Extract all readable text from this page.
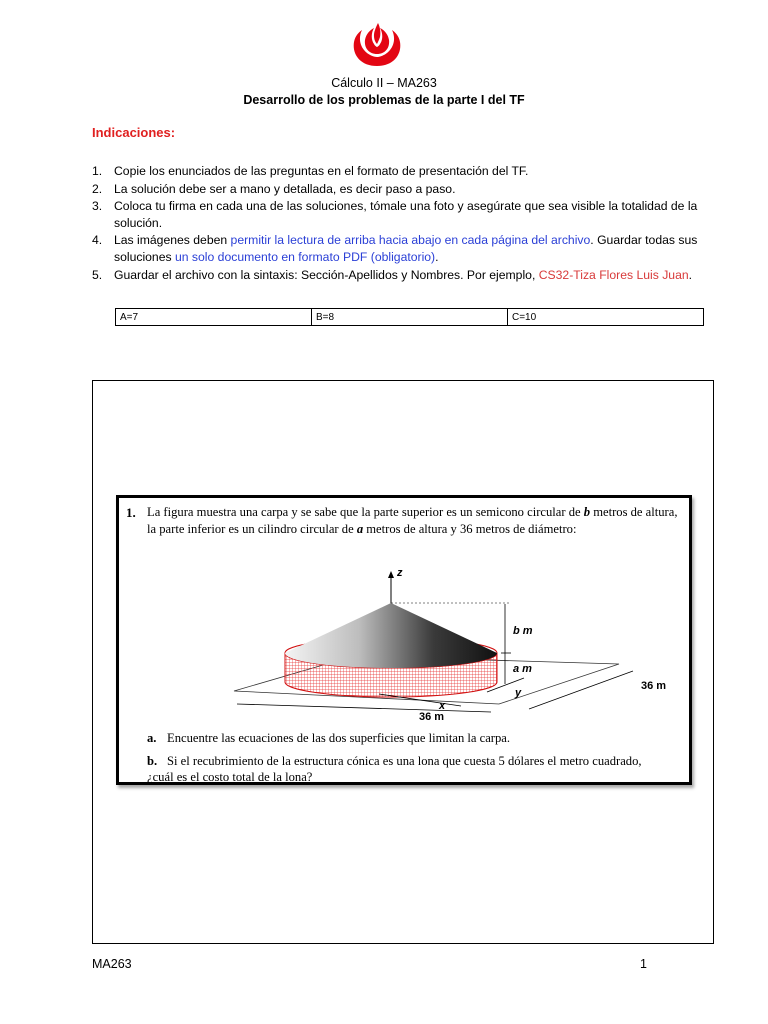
Cálculo II – MA263
Desarrollo de los problemas de la parte I del TF
Indicaciones:
1. Copie los enunciados de las preguntas en el formato de presentación del TF.
2. La solución debe ser a mano y detallada, es decir paso a paso.
3. Coloca tu firma en cada una de las soluciones, tómale una foto y asegúrate que sea visible la totalidad de la solución.
4. Las imágenes deben permitir la lectura de arriba hacia abajo en cada página del archivo. Guardar todas sus soluciones un solo documento en formato PDF (obligatorio).
5. Guardar el archivo con la sintaxis: Sección-Apellidos y Nombres. Por ejemplo, CS32-Tiza Flores Luis Juan.
A=7	B=8	C=10
1. La figura muestra una carpa y se sabe que la parte superior es un semicono circular de b metros de altura, la parte inferior es un cilindro circular de a metros de altura y 36 metros de diámetro:
z
b m
a m
y
x
36 m
36 m
a. Encuentre las ecuaciones de las dos superficies que limitan la carpa.
b. Si el recubrimiento de la estructura cónica es una lona que cuesta 5 dólares el metro cuadrado, ¿cuál es el costo total de la lona?
MA263	1
